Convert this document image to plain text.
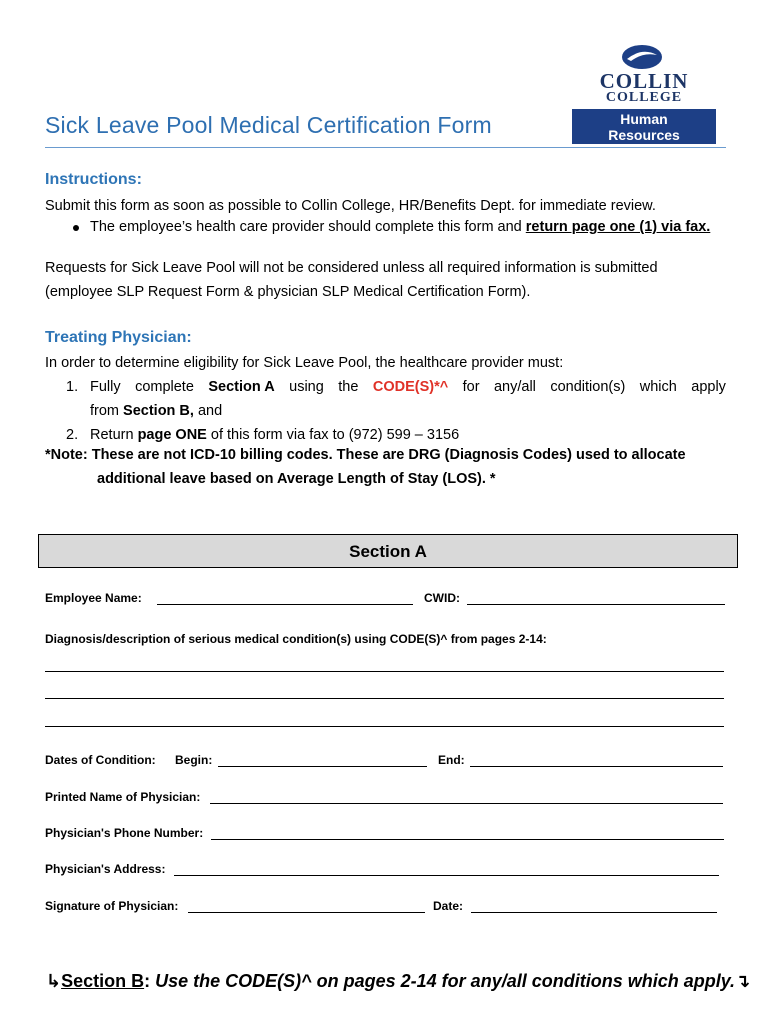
COLLIN
COLLEGE
Human
Resources
Sick Leave Pool Medical Certification Form
Instructions:
Submit this form as soon as possible to Collin College, HR/Benefits Dept. for immediate review.
The employee’s health care provider should complete this form and return page one (1) via fax.
Requests for Sick Leave Pool will not be considered unless all required information is submitted
(employee SLP Request Form & physician SLP Medical Certification Form).
Treating Physician:
In order to determine eligibility for Sick Leave Pool, the healthcare provider must:
1. Fully complete Section A using the CODE(S)*^ for any/all condition(s) which apply
from Section B, and
2. Return page ONE of this form via fax to (972) 599 – 3156
*Note: These are not ICD-10 billing codes. These are DRG (Diagnosis Codes) used to allocate
additional leave based on Average Length of Stay (LOS). *
Section A
Employee Name:	CWID:
Diagnosis/description of serious medical condition(s) using CODE(S)^ from pages 2-14:
Dates of Condition: Begin:	End:
Printed Name of Physician:
Physician's Phone Number:
Physician's Address:
Signature of Physician:	Date:
↳Section B: Use the CODE(S)^ on pages 2-14 for any/all conditions which apply.↴
